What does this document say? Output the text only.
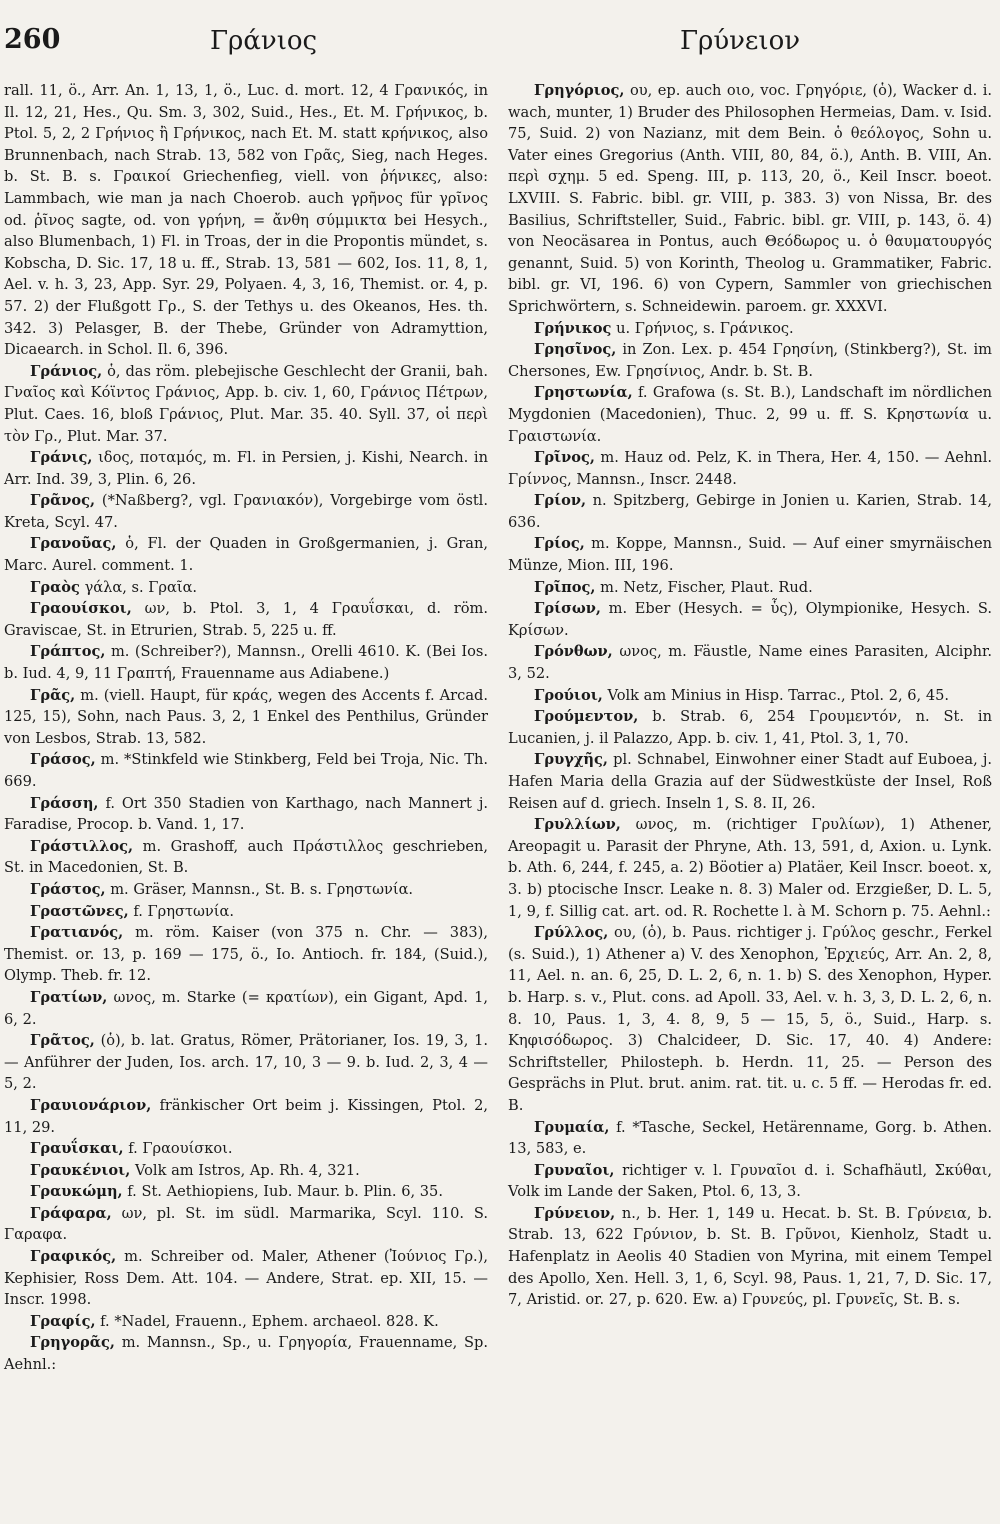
260	Γράνιος	Γρύνειον

rall. 11, ö., Arr. An. 1, 13, 1, ö., Luc. d. mort. 12, 4 Γρανικός, in Il. 12, 21, Hes., Qu. Sm. 3, 302, Suid., Hes., Et. M. Γρήνικος, b. Ptol. 5, 2, 2 Γρήνιος ἢ Γρήνικος, nach Et. M. statt κρήνικος, also Brunnenbach, nach Strab. 13, 582 von Γρᾶς, Sieg, nach Heges. b. St. B. s. Γραικοί Griechenfieg, viell. von ῥήνικες, also: Lammbach, wie man ja nach Choerob. auch γρῆνος für γρῖνος od. ῥῖνος sagte, od. von γρήνη, = ἄνθη σύμμικτα bei Hesych., also Blumenbach, 1) Fl. in Troas, der in die Propontis mündet, s. Kobscha, D. Sic. 17, 18 u. ff., Strab. 13, 581 — 602, Ios. 11, 8, 1, Ael. v. h. 3, 23, App. Syr. 29, Polyaen. 4, 3, 16, Themist. or. 4, p. 57. 2) der Flußgott Γρ., S. der Tethys u. des Okeanos, Hes. th. 342. 3) Pelasger, B. der Thebe, Gründer von Adramyttion, Dicaearch. in Schol. Il. 6, 396.

Γράνιος, ὁ, das röm. plebejische Geschlecht der Granii, bah. Γναῖος καὶ Κόϊντος Γράνιος, App. b. civ. 1, 60, Γράνιος Πέτρων, Plut. Caes. 16, bloß Γράνιος, Plut. Mar. 35. 40. Syll. 37, οἱ περὶ τὸν Γρ., Plut. Mar. 37.

Γράνις, ιδος, ποταμός, m. Fl. in Persien, j. Kishi, Nearch. in Arr. Ind. 39, 3, Plin. 6, 26.

Γρᾶνος, (*Naßberg?, vgl. Γρανιακόν), Vorgebirge vom östl. Kreta, Scyl. 47.

Γρανοῦας, ὁ, Fl. der Quaden in Großgermanien, j. Gran, Marc. Aurel. comment. 1.

Γραὸς γάλα, s. Γραῖα.

Γραουίσκοι, ων, b. Ptol. 3, 1, 4 Γραυΐσκαι, d. röm. Graviscae, St. in Etrurien, Strab. 5, 225 u. ff.

Γράπτος, m. (Schreiber?), Mannsn., Orelli 4610. K. (Bei Ios. b. Iud. 4, 9, 11 Γραπτή, Frauenname aus Adiabene.)

Γρᾶς, m. (viell. Haupt, für κράς, wegen des Accents f. Arcad. 125, 15), Sohn, nach Paus. 3, 2, 1 Enkel des Penthilus, Gründer von Lesbos, Strab. 13, 582.

Γράσος, m. *Stinkfeld wie Stinkberg, Feld bei Troja, Nic. Th. 669.

Γράσση, f. Ort 350 Stadien von Karthago, nach Mannert j. Faradise, Procop. b. Vand. 1, 17.

Γράστιλλος, m. Grashoff, auch Πράστιλλος geschrieben, St. in Macedonien, St. B.

Γράστος, m. Gräser, Mannsn., St. B. s. Γρηστωνία.

Γραστῶνες, f. Γρηστωνία.

Γρατιανός, m. röm. Kaiser (von 375 n. Chr. — 383), Themist. or. 13, p. 169 — 175, ö., Io. Antioch. fr. 184, (Suid.), Olymp. Theb. fr. 12.

Γρατίων, ωνος, m. Starke (= κρατίων), ein Gigant, Apd. 1, 6, 2.

Γρᾶτος, (ὁ), b. lat. Gratus, Römer, Prätorianer, Ios. 19, 3, 1. — Anführer der Juden, Ios. arch. 17, 10, 3 — 9. b. Iud. 2, 3, 4 — 5, 2.

Γραυιονάριον, fränkischer Ort beim j. Kissingen, Ptol. 2, 11, 29.

Γραυΐσκαι, f. Γραουίσκοι.

Γραυκένιοι, Volk am Istros, Ap. Rh. 4, 321.

Γραυκώμη, f. St. Aethiopiens, Iub. Maur. b. Plin. 6, 35.

Γράφαρα, ων, pl. St. im südl. Marmarika, Scyl. 110. S. Γαραφα.

Γραφικός, m. Schreiber od. Maler, Athener (Ἰούνιος Γρ.), Kephisier, Ross Dem. Att. 104. — Andere, Strat. ep. XII, 15. — Inscr. 1998.

Γραφίς, f. *Nadel, Frauenn., Ephem. archaeol. 828. K.

Γρηγορᾶς, m. Mannsn., Sp., u. Γρηγορία, Frauenname, Sp. Aehnl.:

Γρηγόριος, ου, ep. auch οιο, voc. Γρηγόριε, (ὁ), Wacker d. i. wach, munter, 1) Bruder des Philosophen Hermeias, Dam. v. Isid. 75, Suid. 2) von Nazianz, mit dem Bein. ὁ θεόλογος, Sohn u. Vater eines Gregorius (Anth. VIII, 80, 84, ö.), Anth. B. VIII, An. περὶ σχημ. 5 ed. Speng. III, p. 113, 20, ö., Keil Inscr. boeot. LXVIII. S. Fabric. bibl. gr. VIII, p. 383. 3) von Nissa, Br. des Basilius, Schriftsteller, Suid., Fabric. bibl. gr. VIII, p. 143, ö. 4) von Neocäsarea in Pontus, auch Θεόδωρος u. ὁ θαυματουργός genannt, Suid. 5) von Korinth, Theolog u. Grammatiker, Fabric. bibl. gr. VI, 196. 6) von Cypern, Sammler von griechischen Sprichwörtern, s. Schneidewin. paroem. gr. XXXVI.

Γρήνικος u. Γρήνιος, s. Γράνικος.

Γρησῖνος, in Zon. Lex. p. 454 Γρησίνη, (Stinkberg?), St. im Chersones, Ew. Γρησίνιος, Andr. b. St. B.

Γρηστωνία, f. Grafowa (s. St. B.), Landschaft im nördlichen Mygdonien (Macedonien), Thuc. 2, 99 u. ff. S. Κρηστωνία u. Γραιστωνία.

Γρῖνος, m. Hauz od. Pelz, K. in Thera, Her. 4, 150. — Aehnl. Γρίννος, Mannsn., Inscr. 2448.

Γρίον, n. Spitzberg, Gebirge in Jonien u. Karien, Strab. 14, 636.

Γρίος, m. Koppe, Mannsn., Suid. — Auf einer smyrnäischen Münze, Mion. III, 196.

Γρῖπος, m. Netz, Fischer, Plaut. Rud.

Γρίσων, m. Eber (Hesych. = ὗς), Olympionike, Hesych. S. Κρίσων.

Γρόνθων, ωνος, m. Fäustle, Name eines Parasiten, Alciphr. 3, 52.

Γρούιοι, Volk am Minius in Hisp. Tarrac., Ptol. 2, 6, 45.

Γρούμεντον, b. Strab. 6, 254 Γρουμεντόν, n. St. in Lucanien, j. il Palazzo, App. b. civ. 1, 41, Ptol. 3, 1, 70.

Γρυγχῆς, pl. Schnabel, Einwohner einer Stadt auf Euboea, j. Hafen Maria della Grazia auf der Südwestküste der Insel, Roß Reisen auf d. griech. Inseln 1, S. 8. II, 26.

Γρυλλίων, ωνος, m. (richtiger Γρυλίων), 1) Athener, Areopagit u. Parasit der Phryne, Ath. 13, 591, d, Axion. u. Lynk. b. Ath. 6, 244, f. 245, a. 2) Böotier a) Platäer, Keil Inscr. boeot. x, 3. b) ptocische Inscr. Leake n. 8. 3) Maler od. Erzgießer, D. L. 5, 1, 9, f. Sillig cat. art. od. R. Rochette l. à M. Schorn p. 75. Aehnl.:

Γρύλλος, ου, (ὁ), b. Paus. richtiger j. Γρύλος geschr., Ferkel (s. Suid.), 1) Athener a) V. des Xenophon, Ἐρχιεύς, Arr. An. 2, 8, 11, Ael. n. an. 6, 25, D. L. 2, 6, n. 1. b) S. des Xenophon, Hyper. b. Harp. s. v., Plut. cons. ad Apoll. 33, Ael. v. h. 3, 3, D. L. 2, 6, n. 8. 10, Paus. 1, 3, 4. 8, 9, 5 — 15, 5, ö., Suid., Harp. s. Κηφισόδωρος. 3) Chalcideer, D. Sic. 17, 40. 4) Andere: Schriftsteller, Philosteph. b. Herdn. 11, 25. — Person des Gesprächs in Plut. brut. anim. rat. tit. u. c. 5 ff. — Herodas fr. ed. B.

Γρυμαία, f. *Tasche, Seckel, Hetärenname, Gorg. b. Athen. 13, 583, e.

Γρυναῖοι, richtiger v. l. Γρυναῖοι d. i. Schafhäutl, Σκύθαι, Volk im Lande der Saken, Ptol. 6, 13, 3.

Γρύνειον, n., b. Her. 1, 149 u. Hecat. b. St. B. Γρύνεια, b. Strab. 13, 622 Γρύνιον, b. St. B. Γρῦνοι, Kienholz, Stadt u. Hafenplatz in Aeolis 40 Stadien von Myrina, mit einem Tempel des Apollo, Xen. Hell. 3, 1, 6, Scyl. 98, Paus. 1, 21, 7, D. Sic. 17, 7, Aristid. or. 27, p. 620. Ew. a) Γρυνεύς, pl. Γρυνεῖς, St. B. s.
